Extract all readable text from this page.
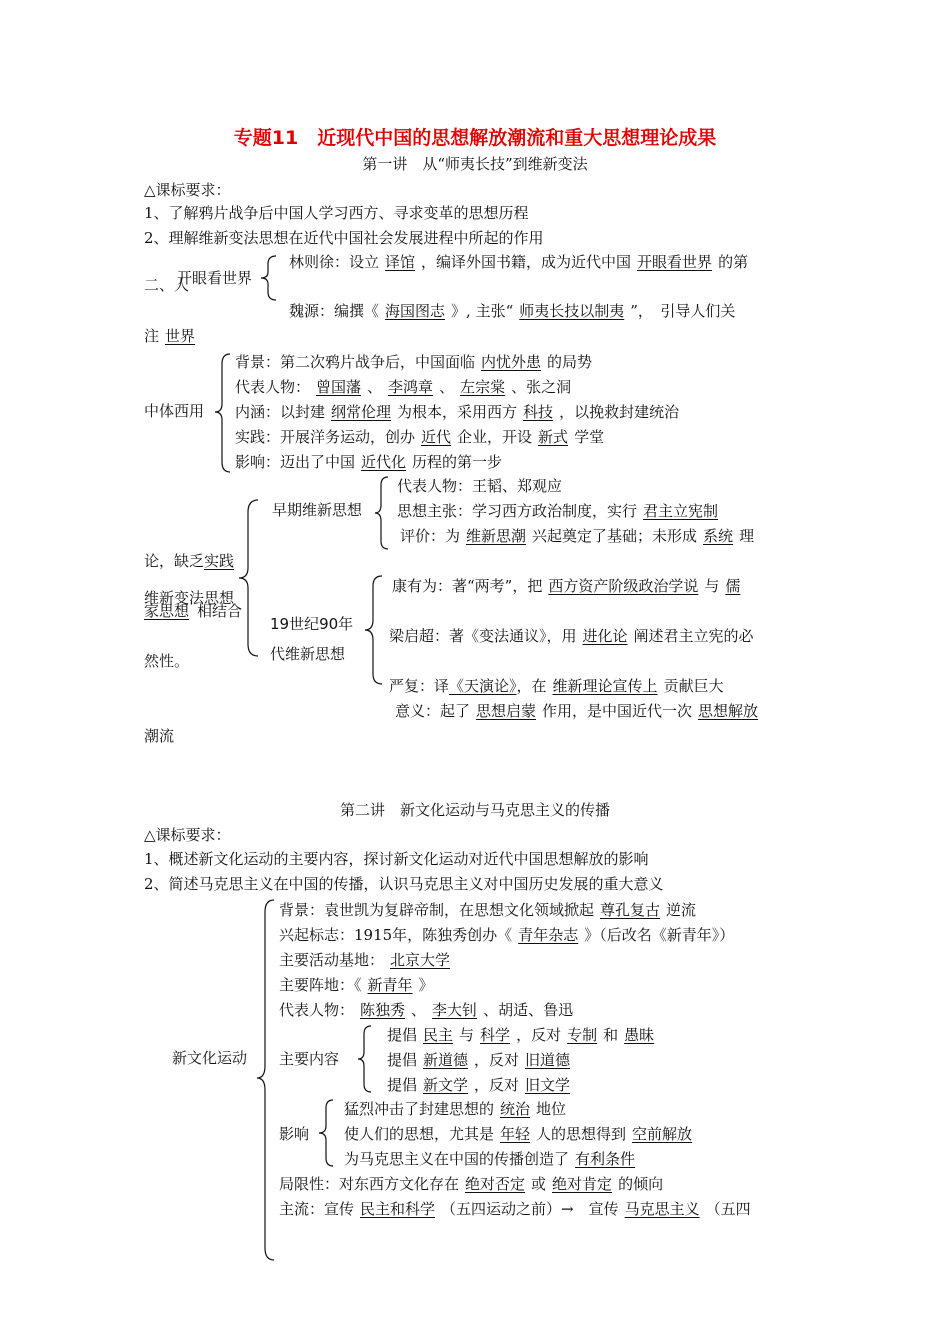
专题11　近现代中国的思想解放潮流和重大思想理论成果
第一讲　从“师夷长技”到维新变法
△课标要求：
1、了解鸦片战争后中国人学习西方、寻求变革的思想历程
2、理解维新变法思想在近代中国社会发展进程中所起的作用
二、人
开眼看世界
林则徐：设立 译馆 ，编译外国书籍，成为近代中国 开眼看世界 的第
魏源：编撰《 海国图志 》, 主张“ 师夷长技以制夷 ”，　引导人们关
注 世界
中体西用
背景：第二次鸦片战争后，中国面临 内忧外患 的局势
代表人物： 曾国藩 、 李鸿章 、 左宗棠 、张之洞
内涵：以封建 纲常伦理 为根本，采用西方 科技 ，以挽救封建统治
实践：开展洋务运动，创办 近代 企业，开设 新式 学堂
影响：迈出了中国 近代化 历程的第一步
早期维新思想
代表人物：王韬、郑观应
思想主张：学习西方政治制度，实行 君主立宪制
评价：为 维新思潮 兴起奠定了基础；未形成 系统 理
论，缺乏实践
维新变法思想
家思想 相结合
19世纪90年
代维新思想
康有为：著“两考”，把 西方资产阶级政治学说 与 儒
梁启超：著《变法通议》，用 进化论 阐述君主立宪的必
然性。
严复：译《天演论》，在 维新理论宣传上 贡献巨大
意义：起了 思想启蒙 作用，是中国近代一次 思想解放
潮流
第二讲　新文化运动与马克思主义的传播
△课标要求：
1、概述新文化运动的主要内容，探讨新文化运动对近代中国思想解放的影响
2、简述马克思主义在中国的传播，认识马克思主义对中国历史发展的重大意义
新文化运动
背景：袁世凯为复辟帝制，在思想文化领域掀起 尊孔复古 逆流
兴起标志：1915年，陈独秀创办《 青年杂志 》（后改名《新青年》）
主要活动基地： 北京大学
主要阵地：《 新青年 》
代表人物： 陈独秀 、 李大钊 、胡适、鲁迅
主要内容
提倡 民主 与 科学 ，反对 专制 和 愚昧
提倡 新道德 ，反对 旧道德
提倡 新文学 ，反对 旧文学
影响
猛烈冲击了封建思想的 统治 地位
使人们的思想，尤其是 年轻 人的思想得到 空前解放
为马克思主义在中国的传播创造了 有利条件
局限性：对东西方文化存在 绝对否定 或 绝对肯定 的倾向
主流：宣传 民主和科学 （五四运动之前）→　宣传 马克思主义 （五四
